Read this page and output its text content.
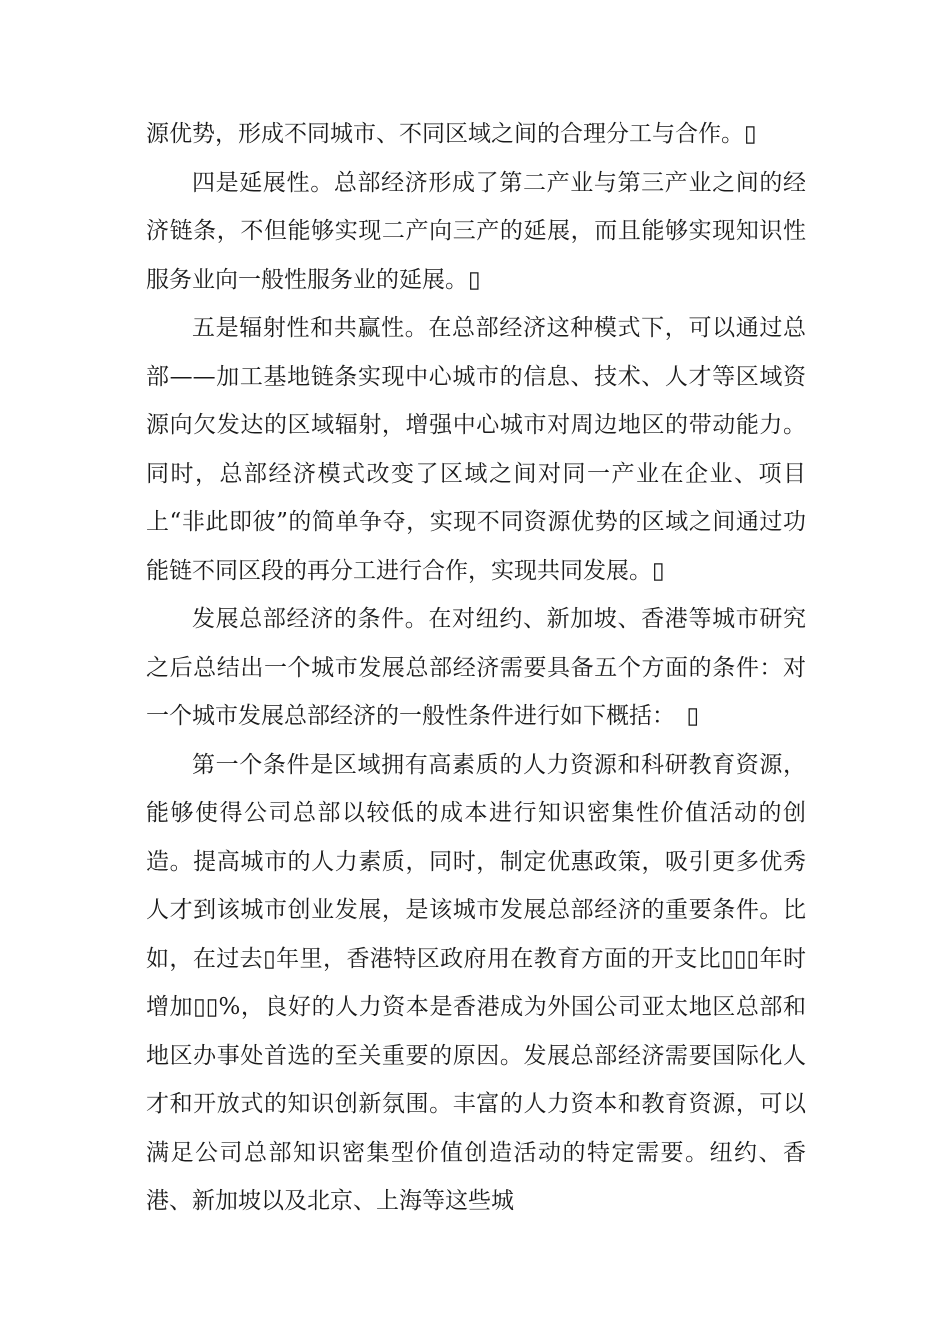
源优势，形成不同城市、不同区域之间的合理分工与合作。▯

四是延展性。总部经济形成了第二产业与第三产业之间的经济链条，不但能够实现二产向三产的延展，而且能够实现知识性服务业向一般性服务业的延展。▯

五是辐射性和共赢性。在总部经济这种模式下，可以通过总部——加工基地链条实现中心城市的信息、技术、人才等区域资源向欠发达的区域辐射，增强中心城市对周边地区的带动能力。同时，总部经济模式改变了区域之间对同一产业在企业、项目上“非此即彼”的简单争夺，实现不同资源优势的区域之间通过功能链不同区段的再分工进行合作，实现共同发展。▯

发展总部经济的条件。在对纽约、新加坡、香港等城市研究之后总结出一个城市发展总部经济需要具备五个方面的条件：对一个城市发展总部经济的一般性条件进行如下概括：　▯

第一个条件是区域拥有高素质的人力资源和科研教育资源，能够使得公司总部以较低的成本进行知识密集性价值活动的创造。提高城市的人力素质，同时，制定优惠政策，吸引更多优秀人才到该城市创业发展，是该城市发展总部经济的重要条件。比如，在过去▯年里，香港特区政府用在教育方面的开支比▯▯▯年时增加▯▯%，良好的人力资本是香港成为外国公司亚太地区总部和地区办事处首选的至关重要的原因。发展总部经济需要国际化人才和开放式的知识创新氛围。丰富的人力资本和教育资源，可以满足公司总部知识密集型价值创造活动的特定需要。纽约、香港、新加坡以及北京、上海等这些城
